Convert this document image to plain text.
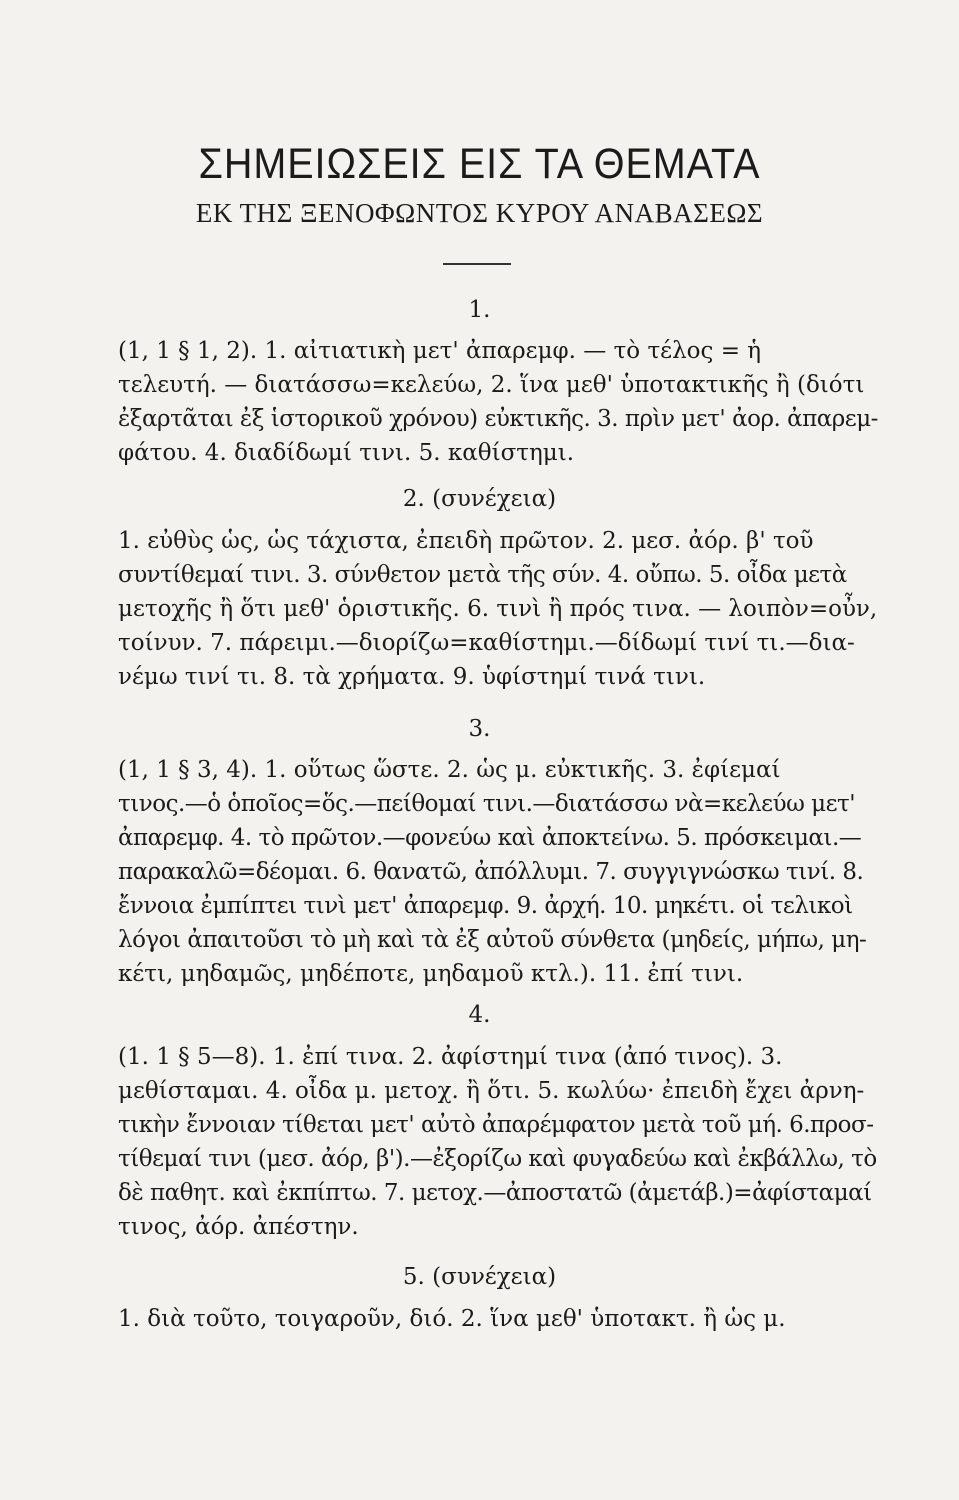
ΣΗΜΕΙΩΣΕΙΣ ΕΙΣ ΤΑ ΘΕΜΑΤΑ
ΕΚ ΤΗΣ ΞΕΝΟΦΩΝΤΟΣ ΚΥΡΟΥ ΑΝΑΒΑΣΕΩΣ
1.
(1, 1 § 1, 2). 1. αἰτιατικὴ μετ' ἀπαρεμφ. — τὸ τέλος = ἡ
τελευτή. — διατάσσω=κελεύω, 2. ἵνα μεθ' ὑποτακτικῆς ἢ (διότι
ἐξαρτᾶται ἐξ ἱστορικοῦ χρόνου) εὐκτικῆς. 3. πρὶν μετ' ἀορ. ἀπαρεμ-
φάτου. 4. διαδίδωμί τινι. 5. καθίστημι.
2. (συνέχεια)
1. εὐθὺς ὡς, ὡς τάχιστα, ἐπειδὴ πρῶτον. 2. μεσ. ἀόρ. β' τοῦ
συντίθεμαί τινι. 3. σύνθετον μετὰ τῆς σύν. 4. οὔπω. 5. οἶδα μετὰ
μετοχῆς ἢ ὅτι μεθ' ὁριστικῆς. 6. τινὶ ἢ πρός τινα. — λοιπὸν=οὖν,
τοίνυν. 7. πάρειμι.—διορίζω=καθίστημι.—δίδωμί τινί τι.—δια-
νέμω τινί τι. 8. τὰ χρήματα. 9. ὑφίστημί τινά τινι.
3.
(1, 1 § 3, 4). 1. οὕτως ὥστε. 2. ὡς μ. εὐκτικῆς. 3. ἐφίεμαί
τινος.—ὁ ὁποῖος=ὅς.—πείθομαί τινι.—διατάσσω νὰ=κελεύω μετ'
ἀπαρεμφ. 4. τὸ πρῶτον.—φονεύω καὶ ἀποκτείνω. 5. πρόσκειμαι.—
παρακαλῶ=δέομαι. 6. θανατῶ, ἀπόλλυμι. 7. συγγιγνώσκω τινί. 8.
ἔννοια ἐμπίπτει τινὶ μετ' ἀπαρεμφ. 9. ἀρχή. 10. μηκέτι. οἱ τελικοὶ
λόγοι ἀπαιτοῦσι τὸ μὴ καὶ τὰ ἐξ αὐτοῦ σύνθετα (μηδείς, μήπω, μη-
κέτι, μηδαμῶς, μηδέποτε, μηδαμοῦ κτλ.). 11. ἐπί τινι.
4.
(1. 1 § 5—8). 1. ἐπί τινα. 2. ἀφίστημί τινα (ἀπό τινος). 3.
μεθίσταμαι. 4. οἶδα μ. μετοχ. ἢ ὅτι. 5. κωλύω· ἐπειδὴ ἔχει ἀρνη-
τικὴν ἔννοιαν τίθεται μετ' αὐτὸ ἀπαρέμφατον μετὰ τοῦ μή. 6.προσ-
τίθεμαί τινι (μεσ. ἀόρ, β').—ἐξορίζω καὶ φυγαδεύω καὶ ἐκβάλλω, τὸ
δὲ παθητ. καὶ ἐκπίπτω. 7. μετοχ.—ἀποστατῶ (ἀμετάβ.)=ἀφίσταμαί
τινος, ἀόρ. ἀπέστην.
5. (συνέχεια)
1. διὰ τοῦτο, τοιγαροῦν, διό. 2. ἵνα μεθ' ὑποτακτ. ἢ ὡς μ.
